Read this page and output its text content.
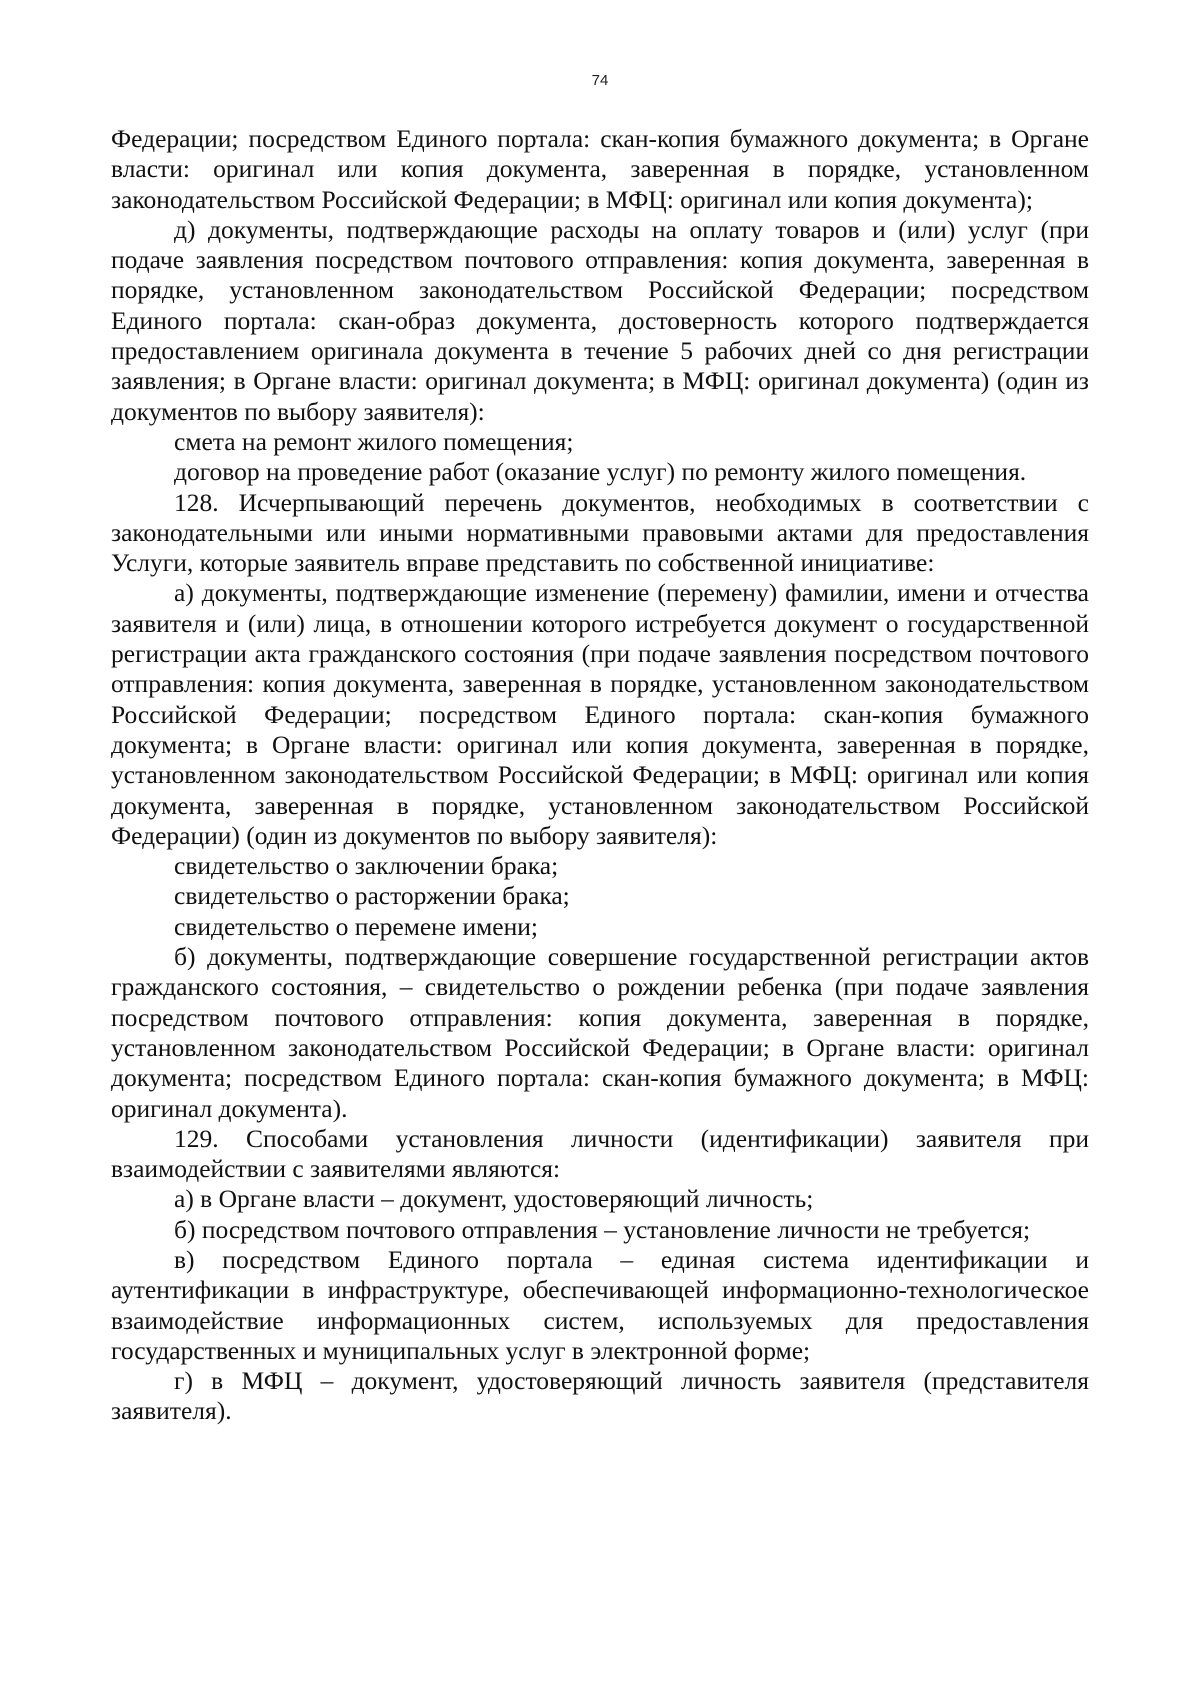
74

Федерации; посредством Единого портала: скан-копия бумажного документа; в Органе власти: оригинал или копия документа, заверенная в порядке, установленном законодательством Российской Федерации; в МФЦ: оригинал или копия документа);

д) документы, подтверждающие расходы на оплату товаров и (или) услуг (при подаче заявления посредством почтового отправления: копия документа, заверенная в порядке, установленном законодательством Российской Федерации; посредством Единого портала: скан-образ документа, достоверность которого подтверждается предоставлением оригинала документа в течение 5 рабочих дней со дня регистрации заявления; в Органе власти: оригинал документа; в МФЦ: оригинал документа) (один из документов по выбору заявителя):

смета на ремонт жилого помещения;

договор на проведение работ (оказание услуг) по ремонту жилого помещения.

128. Исчерпывающий перечень документов, необходимых в соответствии с законодательными или иными нормативными правовыми актами для предоставления Услуги, которые заявитель вправе представить по собственной инициативе:

а) документы, подтверждающие изменение (перемену) фамилии, имени и отчества заявителя и (или) лица, в отношении которого истребуется документ о государственной регистрации акта гражданского состояния (при подаче заявления посредством почтового отправления: копия документа, заверенная в порядке, установленном законодательством Российской Федерации; посредством Единого портала: скан-копия бумажного документа; в Органе власти: оригинал или копия документа, заверенная в порядке, установленном законодательством Российской Федерации; в МФЦ: оригинал или копия документа, заверенная в порядке, установленном законодательством Российской Федерации) (один из документов по выбору заявителя):

свидетельство о заключении брака;

свидетельство о расторжении брака;

свидетельство о перемене имени;

б) документы, подтверждающие совершение государственной регистрации актов гражданского состояния, – свидетельство о рождении ребенка (при подаче заявления посредством почтового отправления: копия документа, заверенная в порядке, установленном законодательством Российской Федерации; в Органе власти: оригинал документа; посредством Единого портала: скан-копия бумажного документа; в МФЦ: оригинал документа).

129. Способами установления личности (идентификации) заявителя при взаимодействии с заявителями являются:

а) в Органе власти – документ, удостоверяющий личность;

б) посредством почтового отправления – установление личности не требуется;

в) посредством Единого портала – единая система идентификации и аутентификации в инфраструктуре, обеспечивающей информационно-технологическое взаимодействие информационных систем, используемых для предоставления государственных и муниципальных услуг в электронной форме;

г) в МФЦ – документ, удостоверяющий личность заявителя (представителя заявителя).
